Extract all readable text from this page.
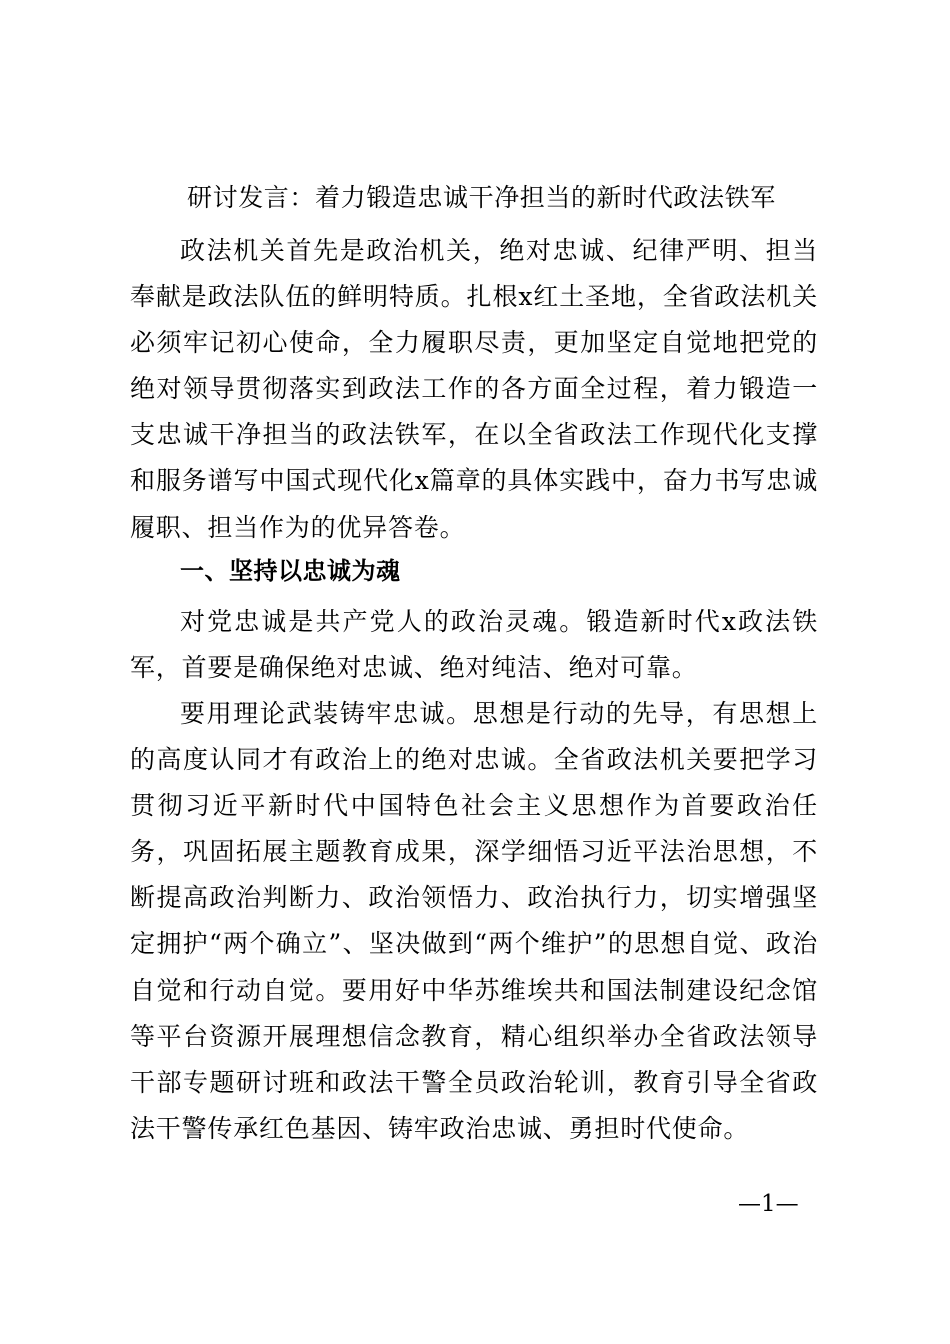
研讨发言：着力锻造忠诚干净担当的新时代政法铁军

政法机关首先是政治机关，绝对忠诚、纪律严明、担当奉献是政法队伍的鲜明特质。扎根x红土圣地，全省政法机关必须牢记初心使命，全力履职尽责，更加坚定自觉地把党的绝对领导贯彻落实到政法工作的各方面全过程，着力锻造一支忠诚干净担当的政法铁军，在以全省政法工作现代化支撑和服务谱写中国式现代化x篇章的具体实践中，奋力书写忠诚履职、担当作为的优异答卷。

一、坚持以忠诚为魂

对党忠诚是共产党人的政治灵魂。锻造新时代x政法铁军，首要是确保绝对忠诚、绝对纯洁、绝对可靠。

要用理论武装铸牢忠诚。思想是行动的先导，有思想上的高度认同才有政治上的绝对忠诚。全省政法机关要把学习贯彻习近平新时代中国特色社会主义思想作为首要政治任务，巩固拓展主题教育成果，深学细悟习近平法治思想，不断提高政治判断力、政治领悟力、政治执行力，切实增强坚定拥护“两个确立”、坚决做到“两个维护”的思想自觉、政治自觉和行动自觉。要用好中华苏维埃共和国法制建设纪念馆等平台资源开展理想信念教育，精心组织举办全省政法领导干部专题研讨班和政法干警全员政治轮训，教育引导全省政法干警传承红色基因、铸牢政治忠诚、勇担时代使命。

—1—
